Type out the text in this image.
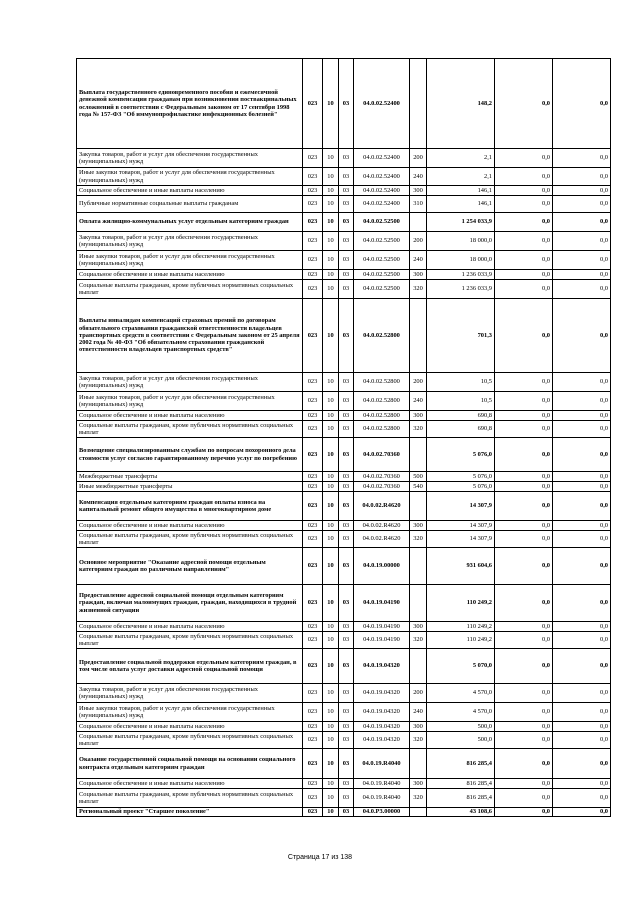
Выплата государственного единовременного пособия и ежемесячной денежной компенсации гражданам при возникновении поствакцинальных осложнений в соответствии с Федеральным законом от 17 сентября 1998 года № 157-ФЗ "Об иммунопрофилактике инфекционных болезней"	023	10	03	04.0.02.52400		148,2	0,0	0,0
Закупка товаров, работ и услуг для обеспечения государственных (муниципальных) нужд	023	10	03	04.0.02.52400	200	2,1	0,0	0,0
Иные закупки товаров, работ и услуг для обеспечения государственных (муниципальных) нужд	023	10	03	04.0.02.52400	240	2,1	0,0	0,0
Социальное обеспечение и иные выплаты населению	023	10	03	04.0.02.52400	300	146,1	0,0	0,0
Публичные нормативные социальные выплаты гражданам	023	10	03	04.0.02.52400	310	146,1	0,0	0,0
Оплата жилищно-коммунальных услуг отдельным категориям граждан	023	10	03	04.0.02.52500		1 254 033,9	0,0	0,0
Закупка товаров, работ и услуг для обеспечения государственных (муниципальных) нужд	023	10	03	04.0.02.52500	200	18 000,0	0,0	0,0
Иные закупки товаров, работ и услуг для обеспечения государственных (муниципальных) нужд	023	10	03	04.0.02.52500	240	18 000,0	0,0	0,0
Социальное обеспечение и иные выплаты населению	023	10	03	04.0.02.52500	300	1 236 033,9	0,0	0,0
Социальные выплаты гражданам, кроме публичных нормативных социальных выплат	023	10	03	04.0.02.52500	320	1 236 033,9	0,0	0,0
Выплаты инвалидам компенсаций страховых премий по договорам обязательного страхования гражданской ответственности владельцев транспортных средств в соответствии с Федеральным законом от 25 апреля 2002 года № 40-ФЗ "Об обязательном страховании гражданской ответственности владельцев транспортных средств"	023	10	03	04.0.02.52800		701,3	0,0	0,0
Закупка товаров, работ и услуг для обеспечения государственных (муниципальных) нужд	023	10	03	04.0.02.52800	200	10,5	0,0	0,0
Иные закупки товаров, работ и услуг для обеспечения государственных (муниципальных) нужд	023	10	03	04.0.02.52800	240	10,5	0,0	0,0
Социальное обеспечение и иные выплаты населению	023	10	03	04.0.02.52800	300	690,8	0,0	0,0
Социальные выплаты гражданам, кроме публичных нормативных социальных выплат	023	10	03	04.0.02.52800	320	690,8	0,0	0,0
Возмещение специализированным службам по вопросам похоронного дела стоимости услуг согласно гарантированному перечню услуг по погребению	023	10	03	04.0.02.70360		5 076,0	0,0	0,0
Межбюджетные трансферты	023	10	03	04.0.02.70360	500	5 076,0	0,0	0,0
Иные межбюджетные трансферты	023	10	03	04.0.02.70360	540	5 076,0	0,0	0,0
Компенсация отдельным категориям граждан оплаты взноса на капитальный ремонт общего имущества в многоквартирном доме	023	10	03	04.0.02.R4620		14 307,9	0,0	0,0
Социальное обеспечение и иные выплаты населению	023	10	03	04.0.02.R4620	300	14 307,9	0,0	0,0
Социальные выплаты гражданам, кроме публичных нормативных социальных выплат	023	10	03	04.0.02.R4620	320	14 307,9	0,0	0,0
Основное мероприятие "Оказание адресной помощи отдельным категориям граждан по различным направлениям"	023	10	03	04.0.19.00000		931 604,6	0,0	0,0
Предоставление адресной социальной помощи отдельным категориям граждан, включая малоимущих граждан, граждан, находящихся в трудной жизненной ситуации	023	10	03	04.0.19.04190		110 249,2	0,0	0,0
Социальное обеспечение и иные выплаты населению	023	10	03	04.0.19.04190	300	110 249,2	0,0	0,0
Социальные выплаты гражданам, кроме публичных нормативных социальных выплат	023	10	03	04.0.19.04190	320	110 249,2	0,0	0,0
Предоставление социальной поддержки отдельным категориям граждан, в том числе оплата услуг доставки адресной социальной помощи	023	10	03	04.0.19.04320		5 070,0	0,0	0,0
Закупка товаров, работ и услуг для обеспечения государственных (муниципальных) нужд	023	10	03	04.0.19.04320	200	4 570,0	0,0	0,0
Иные закупки товаров, работ и услуг для обеспечения государственных (муниципальных) нужд	023	10	03	04.0.19.04320	240	4 570,0	0,0	0,0
Социальное обеспечение и иные выплаты населению	023	10	03	04.0.19.04320	300	500,0	0,0	0,0
Социальные выплаты гражданам, кроме публичных нормативных социальных выплат	023	10	03	04.0.19.04320	320	500,0	0,0	0,0
Оказание государственной социальной помощи на основании социального контракта отдельным категориям граждан	023	10	03	04.0.19.R4040		816 285,4	0,0	0,0
Социальное обеспечение и иные выплаты населению	023	10	03	04.0.19.R4040	300	816 285,4	0,0	0,0
Социальные выплаты гражданам, кроме публичных нормативных социальных выплат	023	10	03	04.0.19.R4040	320	816 285,4	0,0	0,0
Региональный проект "Старшее поколение"	023	10	03	04.0.P3.00000		43 108,6	0,0	0,0
Страница 17 из 138
